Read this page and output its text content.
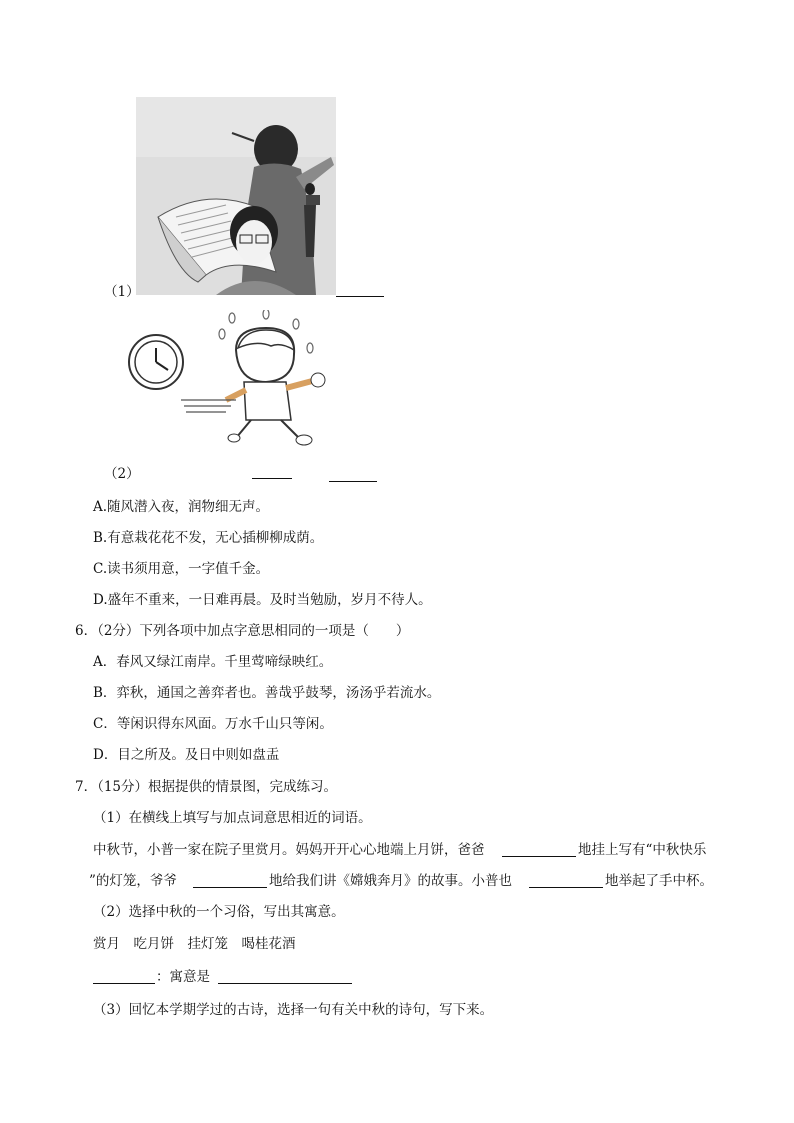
（1）
（2）
A.随风潜入夜，润物细无声。
B.有意栽花花不发，无心插柳柳成荫。
C.读书须用意，一字值千金。
D.盛年不重来，一日难再晨。及时当勉励，岁月不待人。
6．（2分）下列各项中加点字意思相同的一项是（　　）
A．春风又绿江南岸。千里莺啼绿映红。
B．弈秋，通国之善弈者也。善哉乎鼓琴，汤汤乎若流水。
C．等闲识得东风面。万水千山只等闲。
D．目之所及。及日中则如盘盂
7．（15分）根据提供的情景图，完成练习。
（1）在横线上填写与加点词意思相近的词语。
中秋节，小普一家在院子里赏月。妈妈开开心心地端上月饼，爸爸	地挂上写有“中秋快乐
”的灯笼，爷爷	地给我们讲《嫦娥奔月》的故事。小普也	地举起了手中杯。
（2）选择中秋的一个习俗，写出其寓意。
赏月　吃月饼　挂灯笼　喝桂花酒
：寓意是
（3）回忆本学期学过的古诗，选择一句有关中秋的诗句，写下来。
